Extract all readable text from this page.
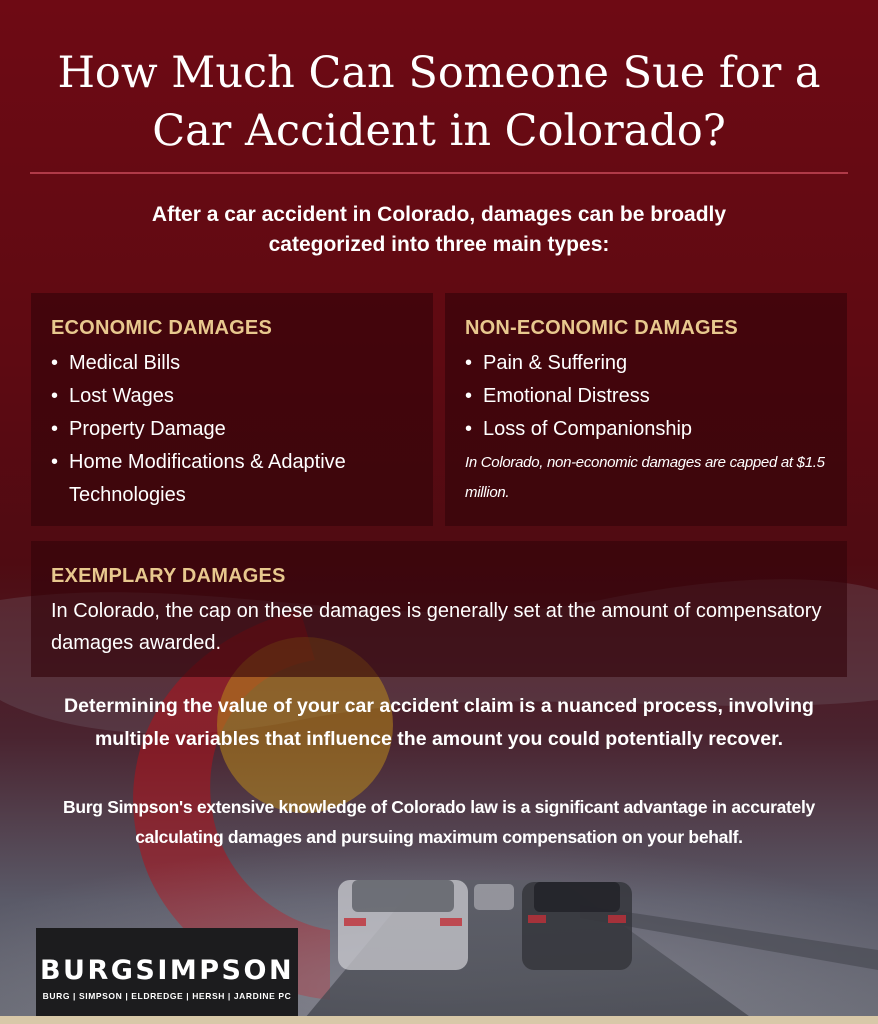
How Much Can Someone Sue for a Car Accident in Colorado?

After a car accident in Colorado, damages can be broadly categorized into three main types:

ECONOMIC DAMAGES
• Medical Bills
• Lost Wages
• Property Damage
• Home Modifications & Adaptive Technologies
NON-ECONOMIC DAMAGES
• Pain & Suffering
• Emotional Distress
• Loss of Companionship

In Colorado, non-economic damages are capped at $1.5 million.

EXEMPLARY DAMAGES

In Colorado, the cap on these damages is generally set at the amount of compensatory damages awarded.

Determining the value of your car accident claim is a nuanced process, involving multiple variables that influence the amount you could potentially recover.

Burg Simpson's extensive knowledge of Colorado law is a significant advantage in accurately calculating damages and pursuing maximum compensation on your behalf.

BURGSIMPSON
BURG | SIMPSON | ELDREDGE | HERSH | JARDINE PC
